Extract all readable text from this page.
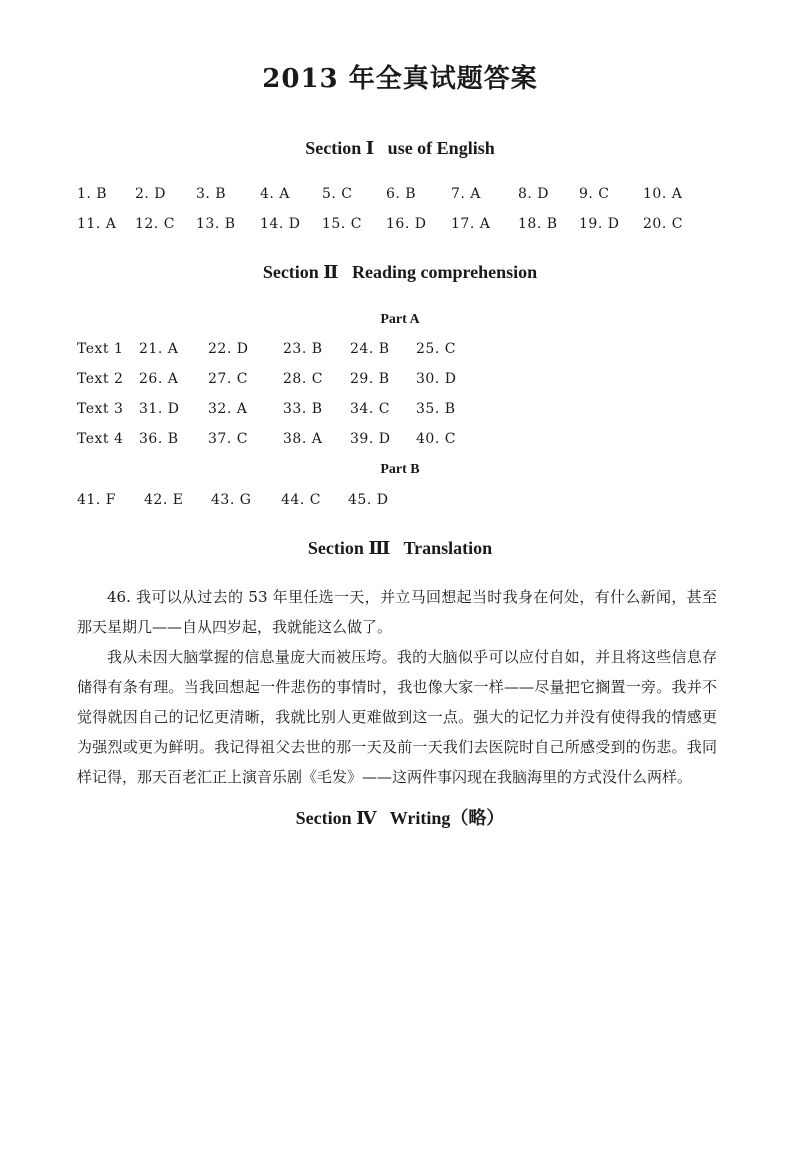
2013 年全真试题答案
Section Ⅰ   use of English
1. B 2. D 3. B 4. A 5. C 6. B 7. A	8. D 9. C 10. A
11. A 12. C 13. B 14. D 15. C 16. D 17. A 18. B 19. D 20. C
Section Ⅱ   Reading comprehension
Part A
Text 1 21. A 22. D 23. B 24. B 25. C
Text 2 26. A 27. C	28. C 29. B 30. D
Text 3 31. D 32. A	33. B 34. C 35. B
Text 4 36. B 37. C	38. A 39. D 40. C
Part B
41. F 42. E 43. G 44. C 45. D
Section Ⅲ   Translation

46. 我可以从过去的 53 年里任选一天，并立马回想起当时我身在何处，有什么新闻，甚至那天星期几——自从四岁起，我就能这么做了。

我从未因大脑掌握的信息量庞大而被压垮。我的大脑似乎可以应付自如，并且将这些信息存储得有条有理。当我回想起一件悲伤的事情时，我也像大家一样——尽量把它搁置一旁。我并不觉得就因自己的记忆更清晰，我就比别人更难做到这一点。强大的记忆力并没有使得我的情感更为强烈或更为鲜明。我记得祖父去世的那一天及前一天我们去医院时自己所感受到的伤悲。我同样记得，那天百老汇正上演音乐剧《毛发》——这两件事闪现在我脑海里的方式没什么两样。

Section Ⅳ   Writing（略）
